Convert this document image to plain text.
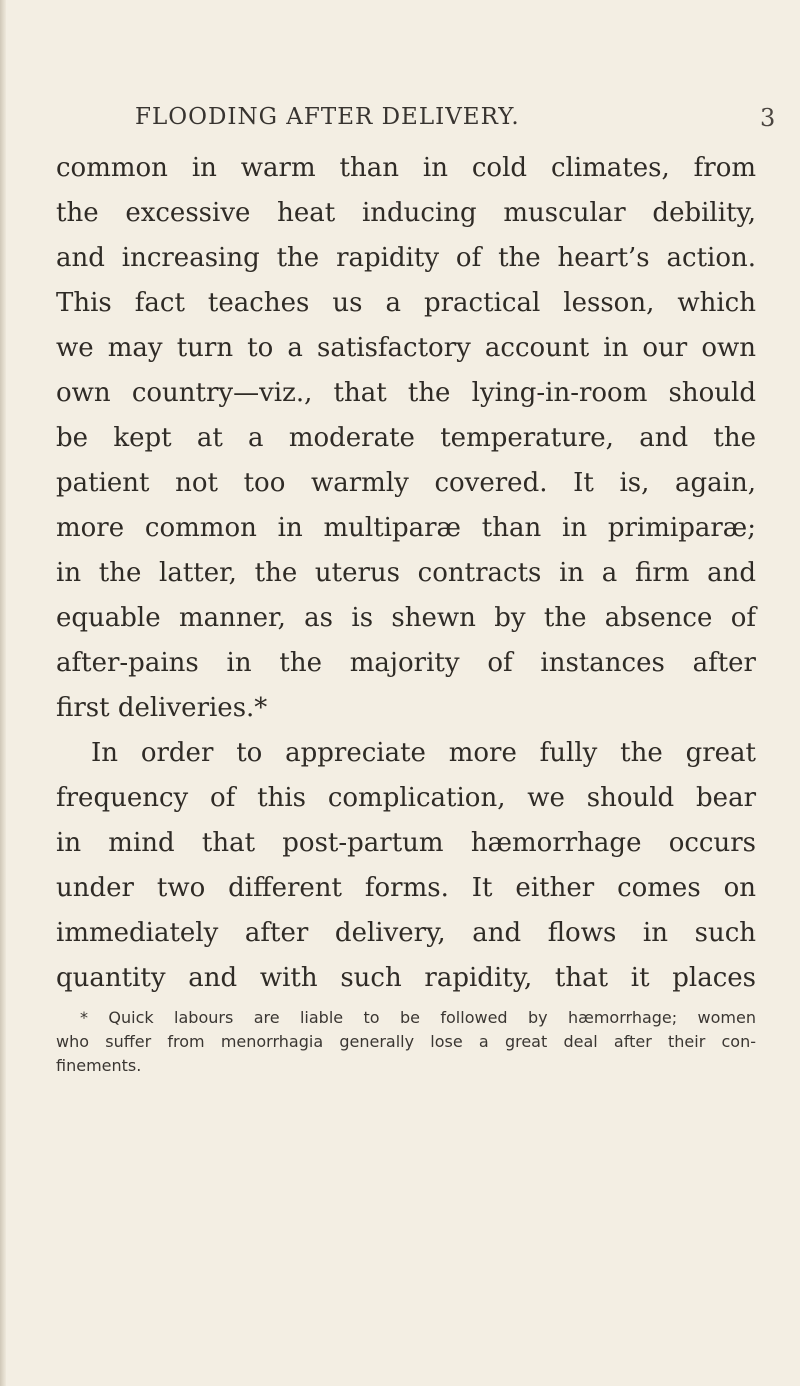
FLOODING AFTER DELIVERY.	3
common in warm than in cold climates, from
the excessive heat inducing muscular debility,
and increasing the rapidity of the heart’s action.
This fact teaches us a practical lesson, which
we may turn to a satisfactory account in our own
own country—viz., that the lying-in-room should
be kept at a moderate temperature, and the
patient not too warmly covered. It is, again,
more common in multiparæ than in primiparæ;
in the latter, the uterus contracts in a firm and
equable manner, as is shewn by the absence of
after-pains in the majority of instances after
first deliveries.*
In order to appreciate more fully the great
frequency of this complication, we should bear
in mind that post-partum hæmorrhage occurs
under two different forms. It either comes on
immediately after delivery, and flows in such
quantity and with such rapidity, that it places
* Quick labours are liable to be followed by hæmorrhage; women
who suffer from menorrhagia generally lose a great deal after their con-
finements.
